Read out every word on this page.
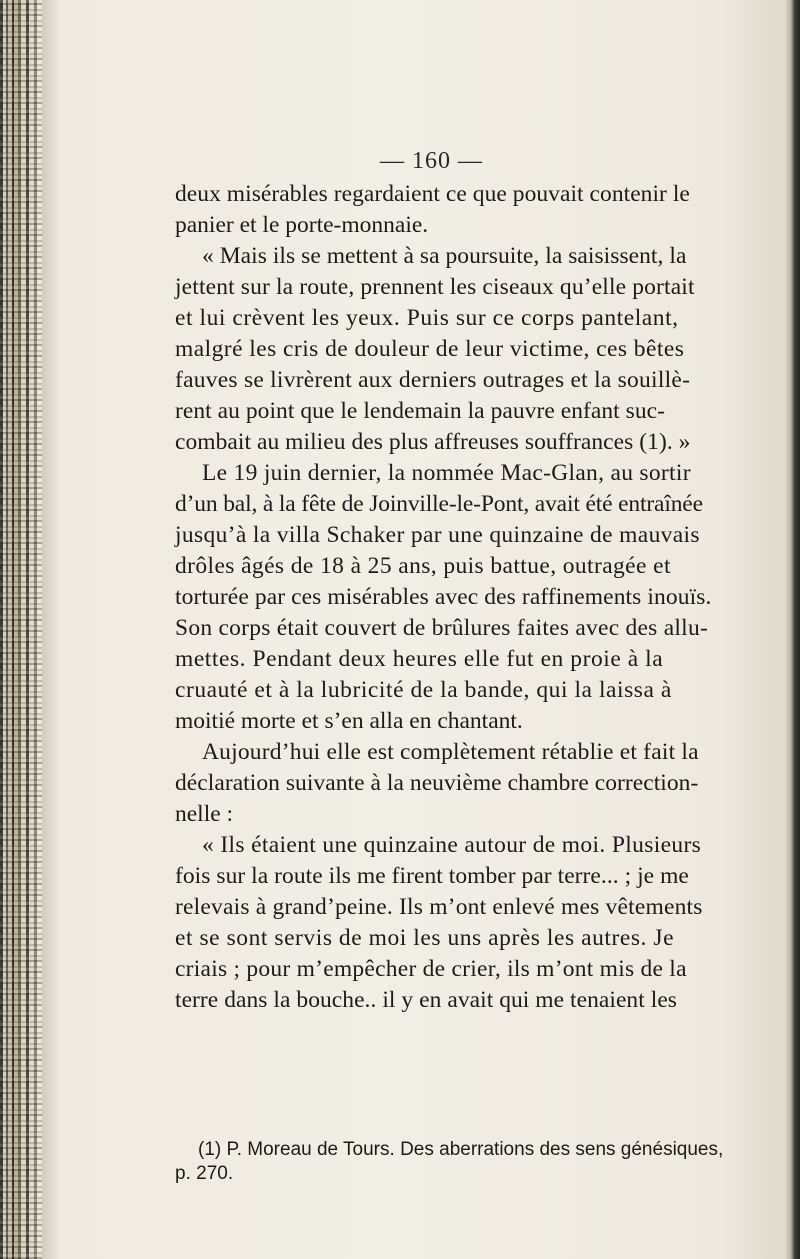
— 160 —
deux misérables regardaient ce que pouvait contenir le
panier et le porte-monnaie.
« Mais ils se mettent à sa poursuite, la saisissent, la
jettent sur la route, prennent les ciseaux qu’elle portait
et lui crèvent les yeux. Puis sur ce corps pantelant,
malgré les cris de douleur de leur victime, ces bêtes
fauves se livrèrent aux derniers outrages et la souillè-
rent au point que le lendemain la pauvre enfant suc-
combait au milieu des plus affreuses souffrances (1). »
Le 19 juin dernier, la nommée Mac-Glan, au sortir
d’un bal, à la fête de Joinville-le-Pont, avait été entraînée
jusqu’à la villa Schaker par une quinzaine de mauvais
drôles âgés de 18 à 25 ans, puis battue, outragée et
torturée par ces misérables avec des raffinements inouïs.
Son corps était couvert de brûlures faites avec des allu-
mettes. Pendant deux heures elle fut en proie à la
cruauté et à la lubricité de la bande, qui la laissa à
moitié morte et s’en alla en chantant.
Aujourd’hui elle est complètement rétablie et fait la
déclaration suivante à la neuvième chambre correction-
nelle :
« Ils étaient une quinzaine autour de moi. Plusieurs
fois sur la route ils me firent tomber par terre... ; je me
relevais à grand’peine. Ils m’ont enlevé mes vêtements
et se sont servis de moi les uns après les autres. Je
criais ; pour m’empêcher de crier, ils m’ont mis de la
terre dans la bouche.. il y en avait qui me tenaient les
(1) P. Moreau de Tours. Des aberrations des sens génésiques,
p. 270.
